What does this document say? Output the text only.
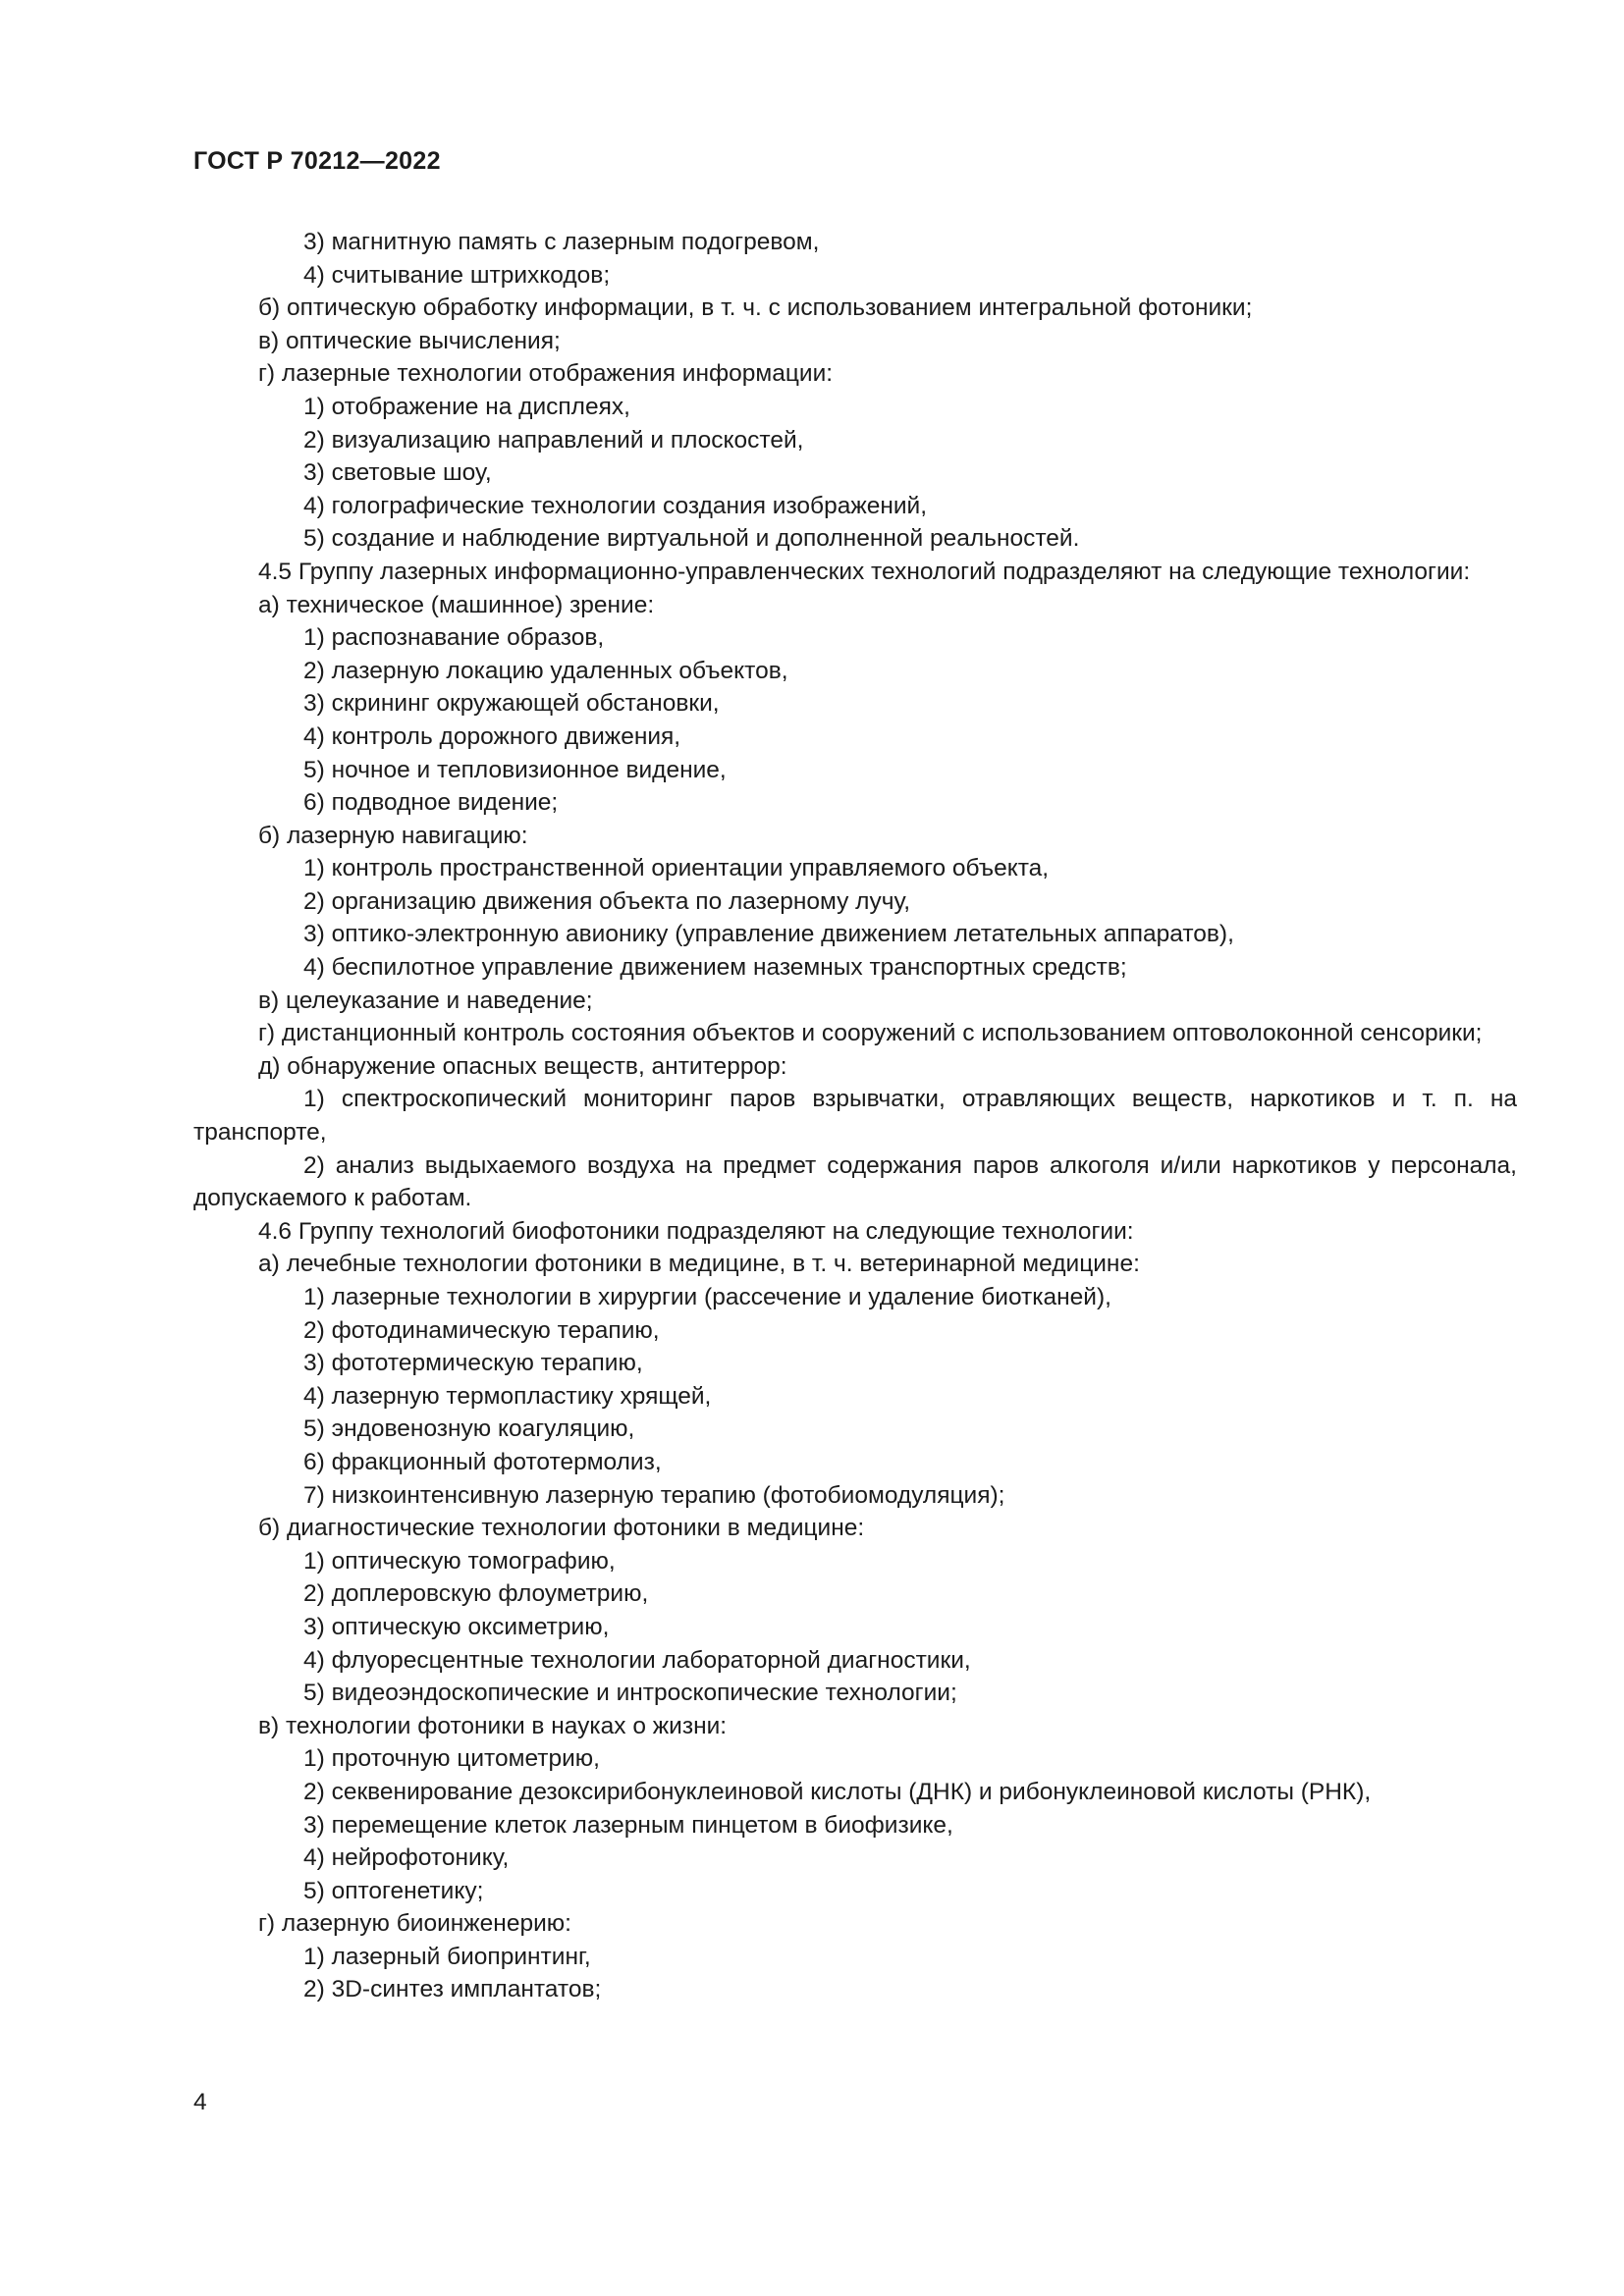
ГОСТ Р 70212—2022

3) магнитную память с лазерным подогревом,

4) считывание штрихкодов;

б) оптическую обработку информации, в т. ч. с использованием интегральной фотоники;

в) оптические вычисления;

г) лазерные технологии отображения информации:

1) отображение на дисплеях,

2) визуализацию направлений и плоскостей,

3) световые шоу,

4) голографические технологии создания изображений,

5) создание и наблюдение виртуальной и дополненной реальностей.

4.5 Группу лазерных информационно-управленческих технологий подразделяют на следующие технологии:

а) техническое (машинное) зрение:

1) распознавание образов,

2) лазерную локацию удаленных объектов,

3) скрининг окружающей обстановки,

4) контроль дорожного движения,

5) ночное и тепловизионное видение,

6) подводное видение;

б) лазерную навигацию:

1) контроль пространственной ориентации управляемого объекта,

2) организацию движения объекта по лазерному лучу,

3) оптико-электронную авионику (управление движением летательных аппаратов),

4) беспилотное управление движением наземных транспортных средств;

в) целеуказание и наведение;

г) дистанционный контроль состояния объектов и сооружений с использованием оптоволоконной сенсорики;

д) обнаружение опасных веществ, антитеррор:

1) спектроскопический мониторинг паров взрывчатки, отравляющих веществ, наркотиков и т. п. на транспорте,

2) анализ выдыхаемого воздуха на предмет содержания паров алкоголя и/или наркотиков у персонала, допускаемого к работам.

4.6 Группу технологий биофотоники подразделяют на следующие технологии:

а) лечебные технологии фотоники в медицине, в т. ч. ветеринарной медицине:

1) лазерные технологии в хирургии (рассечение и удаление биотканей),

2) фотодинамическую терапию,

3) фототермическую терапию,

4) лазерную термопластику хрящей,

5) эндовенозную коагуляцию,

6) фракционный фототермолиз,

7) низкоинтенсивную лазерную терапию (фотобиомодуляция);

б) диагностические технологии фотоники в медицине:

1) оптическую томографию,

2) доплеровскую флоуметрию,

3) оптическую оксиметрию,

4) флуоресцентные технологии лабораторной диагностики,

5) видеоэндоскопические и интроскопические технологии;

в) технологии фотоники в науках о жизни:

1) проточную цитометрию,

2) секвенирование дезоксирибонуклеиновой кислоты (ДНК) и рибонуклеиновой кислоты (РНК),

3) перемещение клеток лазерным пинцетом в биофизике,

4) нейрофотонику,

5) оптогенетику;

г) лазерную биоинженерию:

1) лазерный биопринтинг,

2) 3D-синтез имплантатов;

4
